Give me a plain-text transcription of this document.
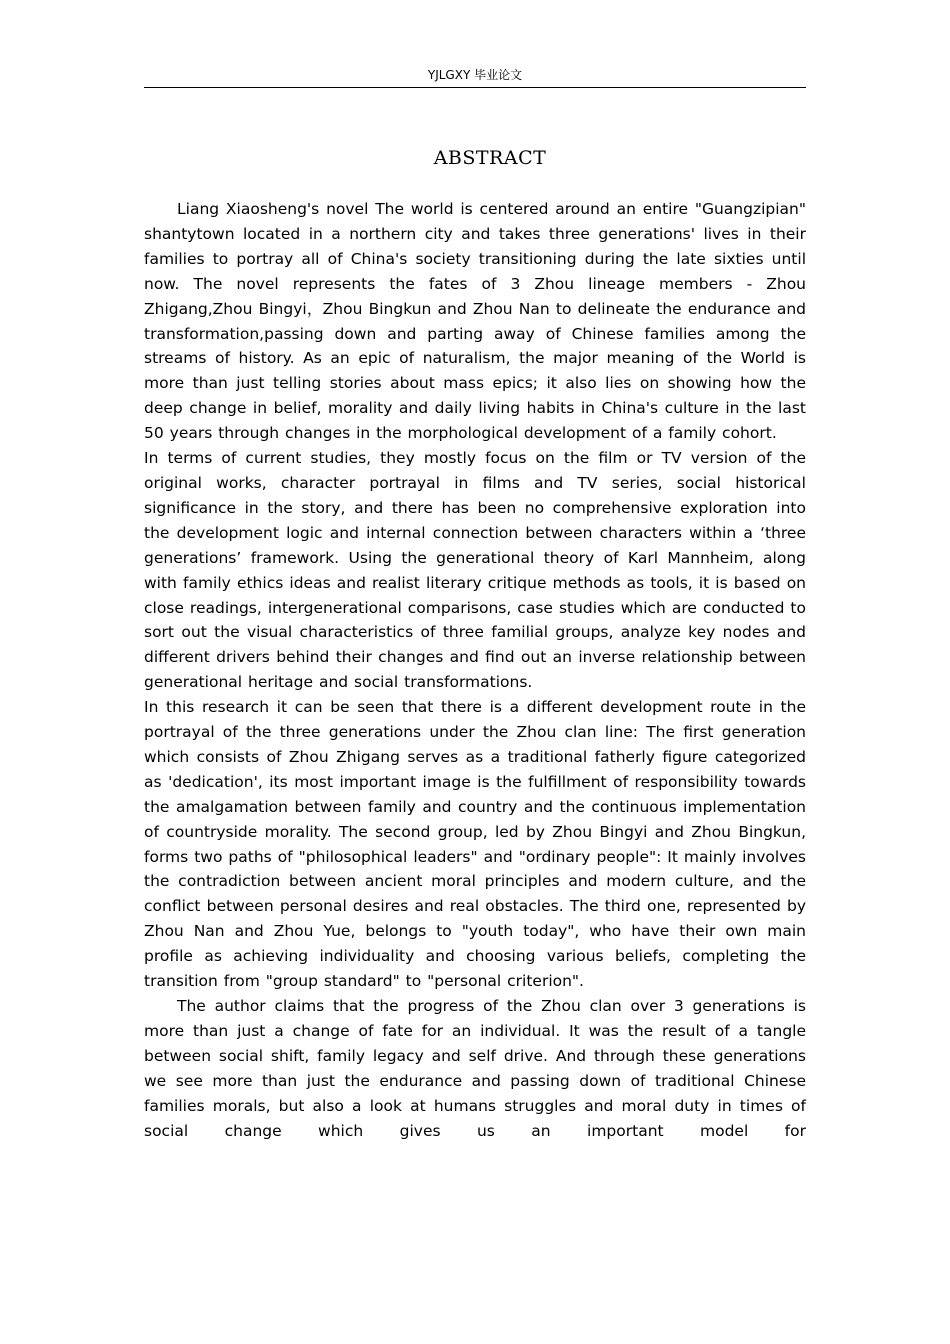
YJLGXY 毕业论文
ABSTRACT

Liang Xiaosheng's novel The world is centered around an entire "Guangzipian" shantytown located in a northern city and takes three generations' lives in their families to portray all of China's society transitioning during the late sixties until now. The novel represents the fates of 3 Zhou lineage members - Zhou Zhigang,Zhou Bingyi，Zhou Bingkun and Zhou Nan to delineate the endurance and transformation,passing down and parting away of Chinese families among the streams of history. As an epic of naturalism, the major meaning of the World is more than just telling stories about mass epics; it also lies on showing how the deep change in belief, morality and daily living habits in China's culture in the last 50 years through changes in the morphological development of a family cohort.

In terms of current studies, they mostly focus on the film or TV version of the original works, character portrayal in films and TV series, social historical significance in the story, and there has been no comprehensive exploration into the development logic and internal connection between characters within a ‘three generations’ framework. Using the generational theory of Karl Mannheim, along with family ethics ideas and realist literary critique methods as tools, it is based on close readings, intergenerational comparisons, case studies which are conducted to sort out the visual characteristics of three familial groups, analyze key nodes and different drivers behind their changes and find out an inverse relationship between generational heritage and social transformations.

In this research it can be seen that there is a different development route in the portrayal of the three generations under the Zhou clan line: The first generation which consists of Zhou Zhigang serves as a traditional fatherly figure categorized as 'dedication', its most important image is the fulfillment of responsibility towards the amalgamation between family and country and the continuous implementation of countryside morality. The second group, led by Zhou Bingyi and Zhou Bingkun, forms two paths of "philosophical leaders" and "ordinary people": It mainly involves the contradiction between ancient moral principles and modern culture, and the conflict between personal desires and real obstacles. The third one, represented by Zhou Nan and Zhou Yue, belongs to "youth today", who have their own main profile as achieving individuality and choosing various beliefs, completing the transition from "group standard" to "personal criterion".

The author claims that the progress of the Zhou clan over 3 generations is more than just a change of fate for an individual. It was the result of a tangle between social shift, family legacy and self drive. And through these generations we see more than just the endurance and passing down of traditional Chinese families morals, but also a look at humans struggles and moral duty in times of social change which gives us an important model for
